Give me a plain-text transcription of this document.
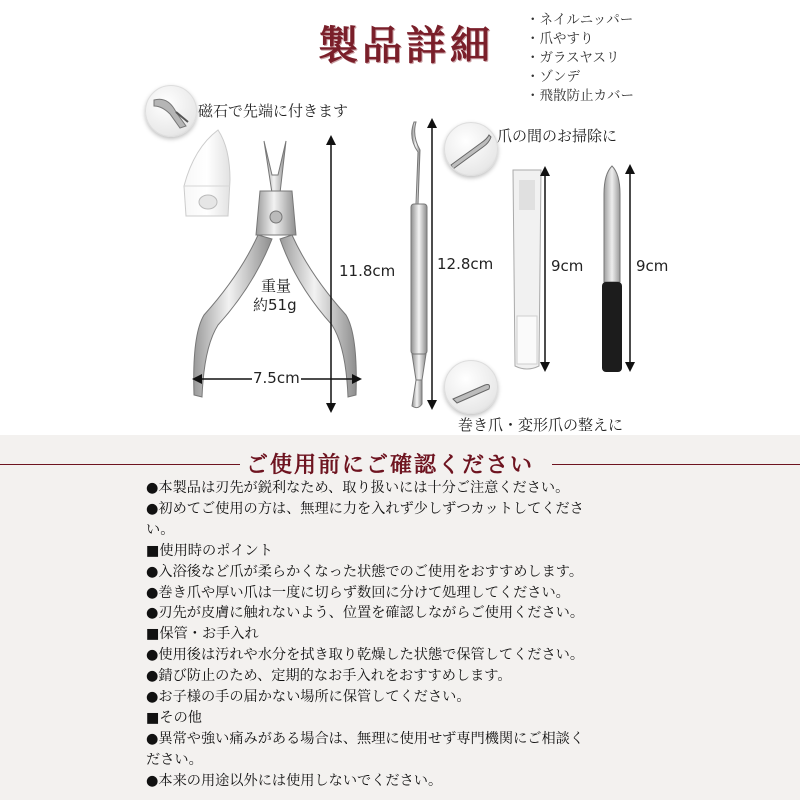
製品詳細
・ネイルニッパー
・爪やすり
・ガラスヤスリ
・ゾンデ
・飛散防止カバー
磁石で先端に付きます
重量
約51g
11.8cm
7.5cm
12.8cm
爪の間のお掃除に
巻き爪・変形爪の整えに
9cm	9cm
ご使用前にご確認ください
●本製品は刃先が鋭利なため、取り扱いには十分ご注意ください。
●初めてご使用の方は、無理に力を入れず少しずつカットしてくださ
い。
■使用時のポイント
●入浴後など爪が柔らかくなった状態でのご使用をおすすめします。
●巻き爪や厚い爪は一度に切らず数回に分けて処理してください。
●刃先が皮膚に触れないよう、位置を確認しながらご使用ください。
■保管・お手入れ
●使用後は汚れや水分を拭き取り乾燥した状態で保管してください。
●錆び防止のため、定期的なお手入れをおすすめします。
●お子様の手の届かない場所に保管してください。
■その他
●異常や強い痛みがある場合は、無理に使用せず専門機関にご相談く
ださい。
●本来の用途以外には使用しないでください。
